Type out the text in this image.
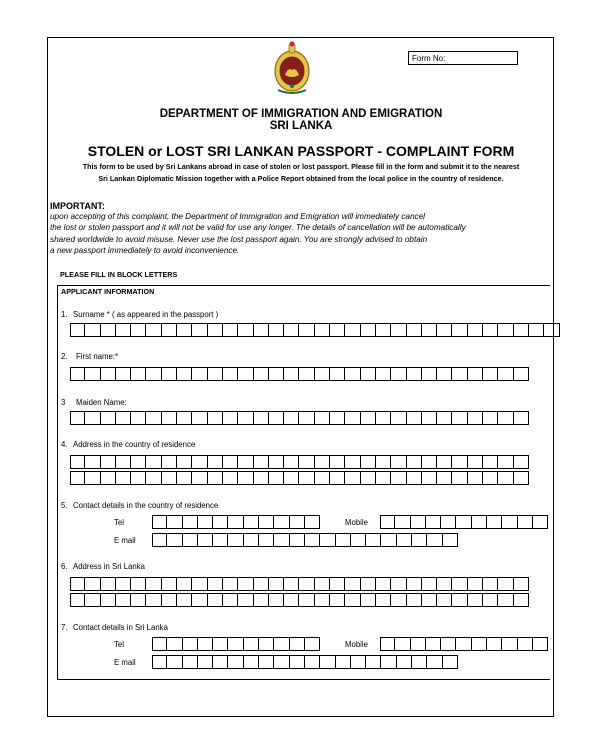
Form No:
DEPARTMENT OF IMMIGRATION AND EMIGRATION
SRI LANKA
STOLEN or LOST SRI LANKAN PASSPORT - COMPLAINT FORM
This form to be used by Sri Lankans abroad in case of stolen or lost passport. Please fill in the form and submit it to the nearest
Sri Lankan Diplomatic Mission together with a Police Report obtained from the local police in the country of residence.
IMPORTANT:
upon accepting of this complaint, the Department of Immigration and Emigration will immediately cancel
the lost or stolen passport and it will not be valid for use any longer. The details of cancellation will be automatically
shared worldwide to avoid misuse. Never use the lost passport again. You are strongly advised to obtain
a new passport immediately to avoid inconvenience.
PLEASE FILL IN BLOCK LETTERS
APPLICANT INFORMATION
1. Surname * ( as appeared in the passport )
2. First name:*
3 Maiden Name:
4. Address in the country of residence
5. Contact details in the country of residence
Tel	Mobile
E mail
6. Address in Sri Lanka
7. Contact details in Sri Lanka
Tel	Mobile
E mail
